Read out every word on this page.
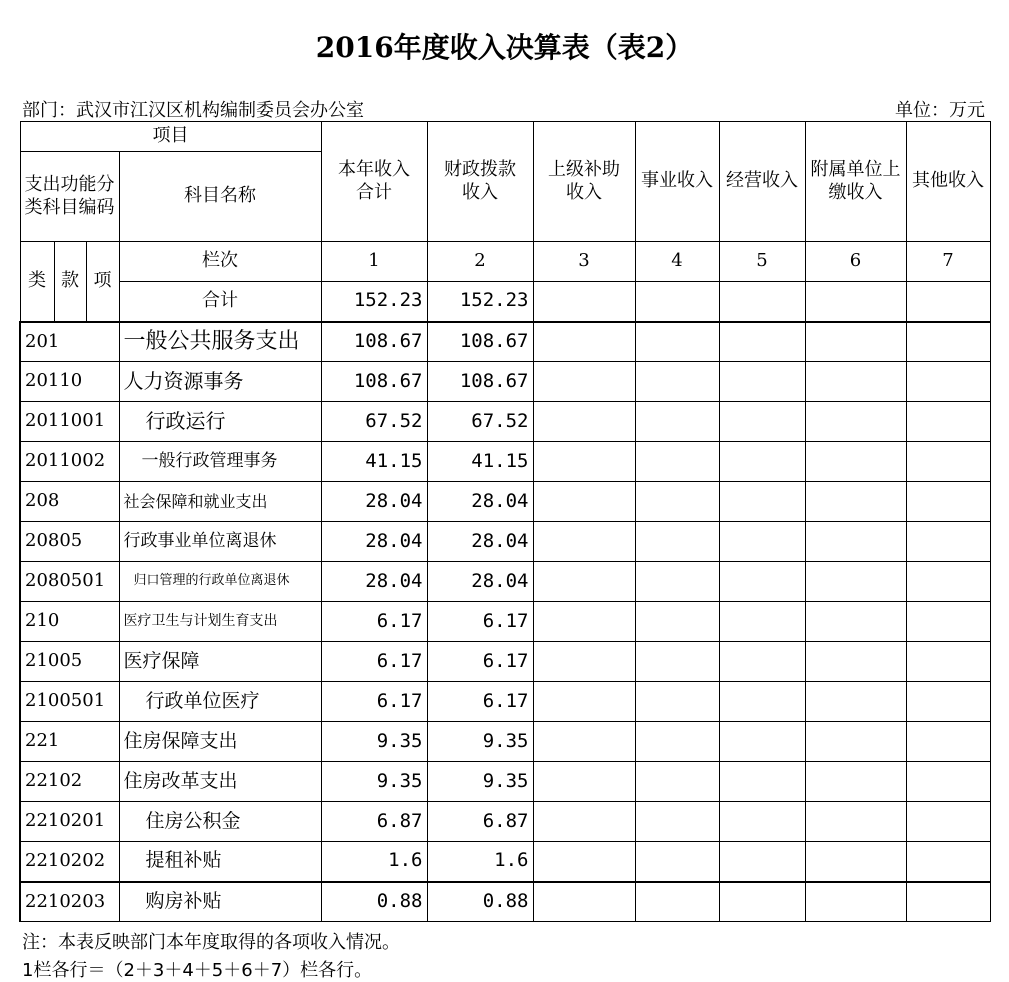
2016年度收入决算表（表2）
部门：武汉市江汉区机构编制委员会办公室	单位：万元
项目				本年收入合计	财政拨款收入	上级补助收入	事业收入	经营收入	附属单位上缴收入	其他收入
支出功能分类科目编码			科目名称							
类	款	项	栏次	1	2	3	4	5	6	7
			合计	152.23	152.23					
201			一般公共服务支出	108.67	108.67					
20110			人力资源事务	108.67	108.67					
2011001			行政运行	67.52	67.52					
2011002			一般行政管理事务	41.15	41.15					
208			社会保障和就业支出	28.04	28.04					
20805			行政事业单位离退休	28.04	28.04					
2080501			归口管理的行政单位离退休	28.04	28.04					
210			医疗卫生与计划生育支出	6.17	6.17					
21005			医疗保障	6.17	6.17					
2100501			行政单位医疗	6.17	6.17					
221			住房保障支出	9.35	9.35					
22102			住房改革支出	9.35	9.35					
2210201			住房公积金	6.87	6.87					
2210202			提租补贴	1.6	1.6					
2210203			购房补贴	0.88	0.88					
注：本表反映部门本年度取得的各项收入情况。
1栏各行＝（2＋3＋4＋5＋6＋7）栏各行。
